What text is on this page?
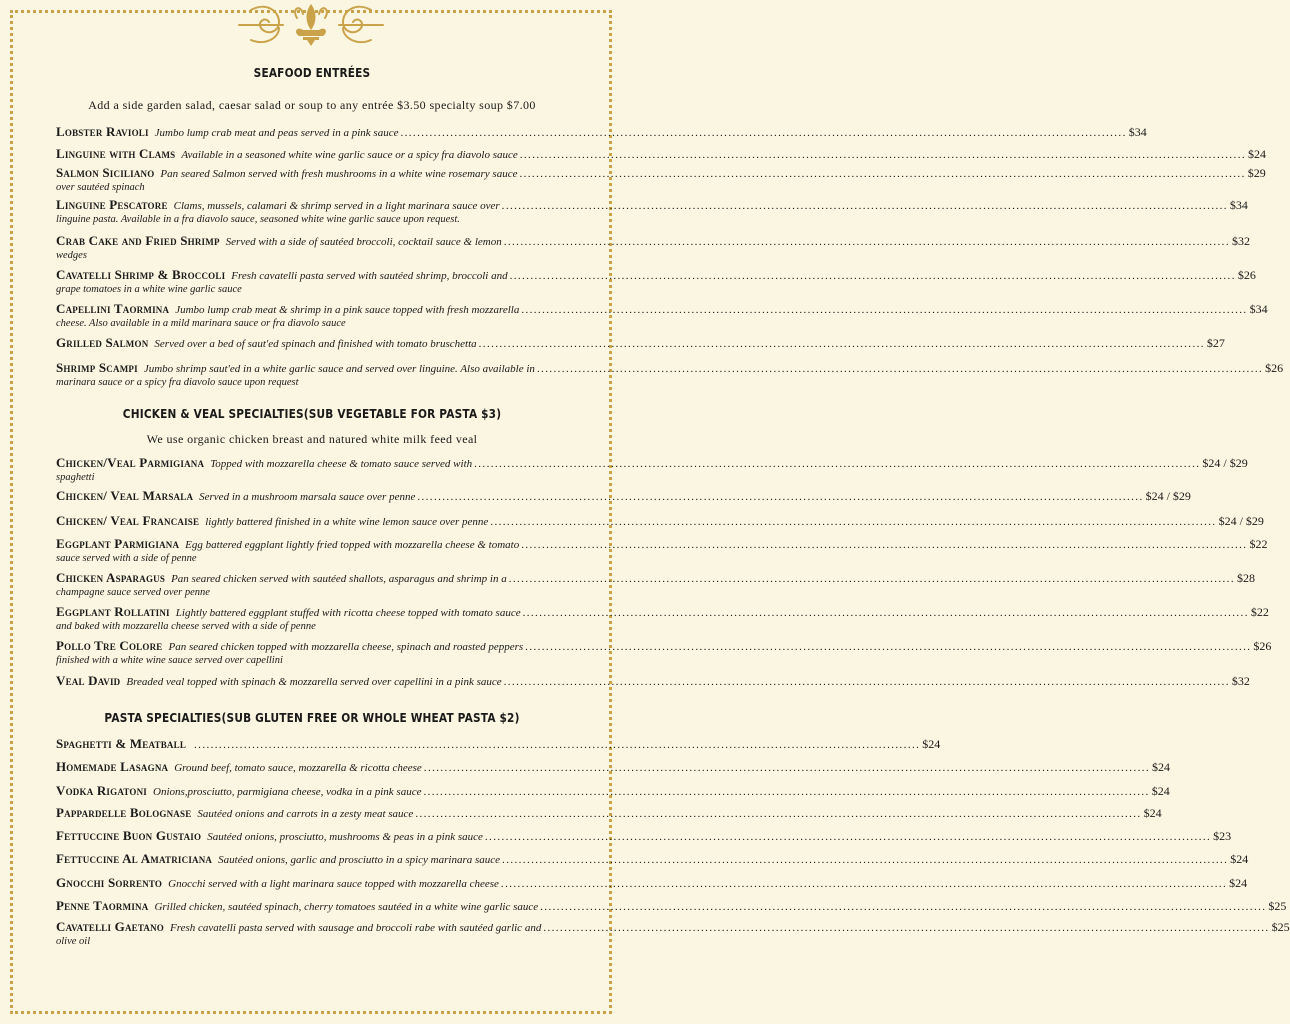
SEAFOOD ENTRÉES
Add a side garden salad, caesar salad or soup to any entrée $3.50 specialty soup $7.00
Lobster Ravioli Jumbo lump crab meat and peas served in a pink sauce .....	$34
Linguine with Clams Available in a seasoned white wine garlic sauce or a spicy fra diavolo sauce .....	$24
Salmon Siciliano Pan seared Salmon served with fresh mushrooms in a white wine rosemary sauce .....	$29
over sautéed spinach
Linguine Pescatore Clams, mussels, calamari & shrimp served in a light marinara sauce over .....	$34
linguine pasta. Available in a fra diavolo sauce, seasoned white wine garlic sauce upon request.
Crab Cake and Fried Shrimp Served with a side of sautéed broccoli, cocktail sauce & lemon .....	$32
wedges
Cavatelli Shrimp & Broccoli Fresh cavatelli pasta served with sautéed shrimp, broccoli and .....	$26
grape tomatoes in a white wine garlic sauce
Capellini Taormina Jumbo lump crab meat & shrimp in a pink sauce topped with fresh mozzarella .....	$34
cheese. Also available in a mild marinara sauce or fra diavolo sauce
Grilled Salmon Served over a bed of saut'ed spinach and finished with tomato bruschetta .....	$27
Shrimp Scampi Jumbo shrimp saut'ed in a white garlic sauce and served over linguine. Also available in .....	$26
marinara sauce or a spicy fra diavolo sauce upon request
CHICKEN & VEAL SPECIALTIES(SUB VEGETABLE FOR PASTA $3)
We use organic chicken breast and natured white milk feed veal
Chicken/Veal Parmigiana Topped with mozzarella cheese & tomato sauce served with .....	$24 / $29
spaghetti
Chicken/ Veal Marsala Served in a mushroom marsala sauce over penne .....	$24 / $29
Chicken/ Veal Francaise lightly battered finished in a white wine lemon sauce over penne .....	$24 / $29
Eggplant Parmigiana Egg battered eggplant lightly fried topped with mozzarella cheese & tomato .....	$22
sauce served with a side of penne
Chicken Asparagus Pan seared chicken served with sautéed shallots, asparagus and shrimp in a .....	$28
champagne sauce served over penne
Eggplant Rollatini Lightly battered eggplant stuffed with ricotta cheese topped with tomato sauce .....	$22
and baked with mozzarella cheese served with a side of penne
Pollo Tre Colore Pan seared chicken topped with mozzarella cheese, spinach and roasted peppers .....	$26
finished with a white wine sauce served over capellini
Veal David Breaded veal topped with spinach & mozzarella served over capellini in a pink sauce .....	$32
PASTA SPECIALTIES(SUB GLUTEN FREE OR WHOLE WHEAT PASTA $2)
Spaghetti & Meatball .....	$24
Homemade Lasagna Ground beef, tomato sauce, mozzarella & ricotta cheese .....	$24
Vodka Rigatoni Onions,prosciutto, parmigiana cheese, vodka in a pink sauce .....	$24
Pappardelle Bolognase Sautéed onions and carrots in a zesty meat sauce .....	$24
Fettuccine Buon Gustaio Sautéed onions, prosciutto, mushrooms & peas in a pink sauce .....	$23
Fettuccine Al Amatriciana Sautéed onions, garlic and prosciutto in a spicy marinara sauce .....	$24
Gnocchi Sorrento Gnocchi served with a light marinara sauce topped with mozzarella cheese .....	$24
Penne Taormina Grilled chicken, sautéed spinach, cherry tomatoes sautéed in a white wine garlic sauce .....	$25
Cavatelli Gaetano Fresh cavatelli pasta served with sausage and broccoli rabe with sautéed garlic and .....	$25
olive oil
